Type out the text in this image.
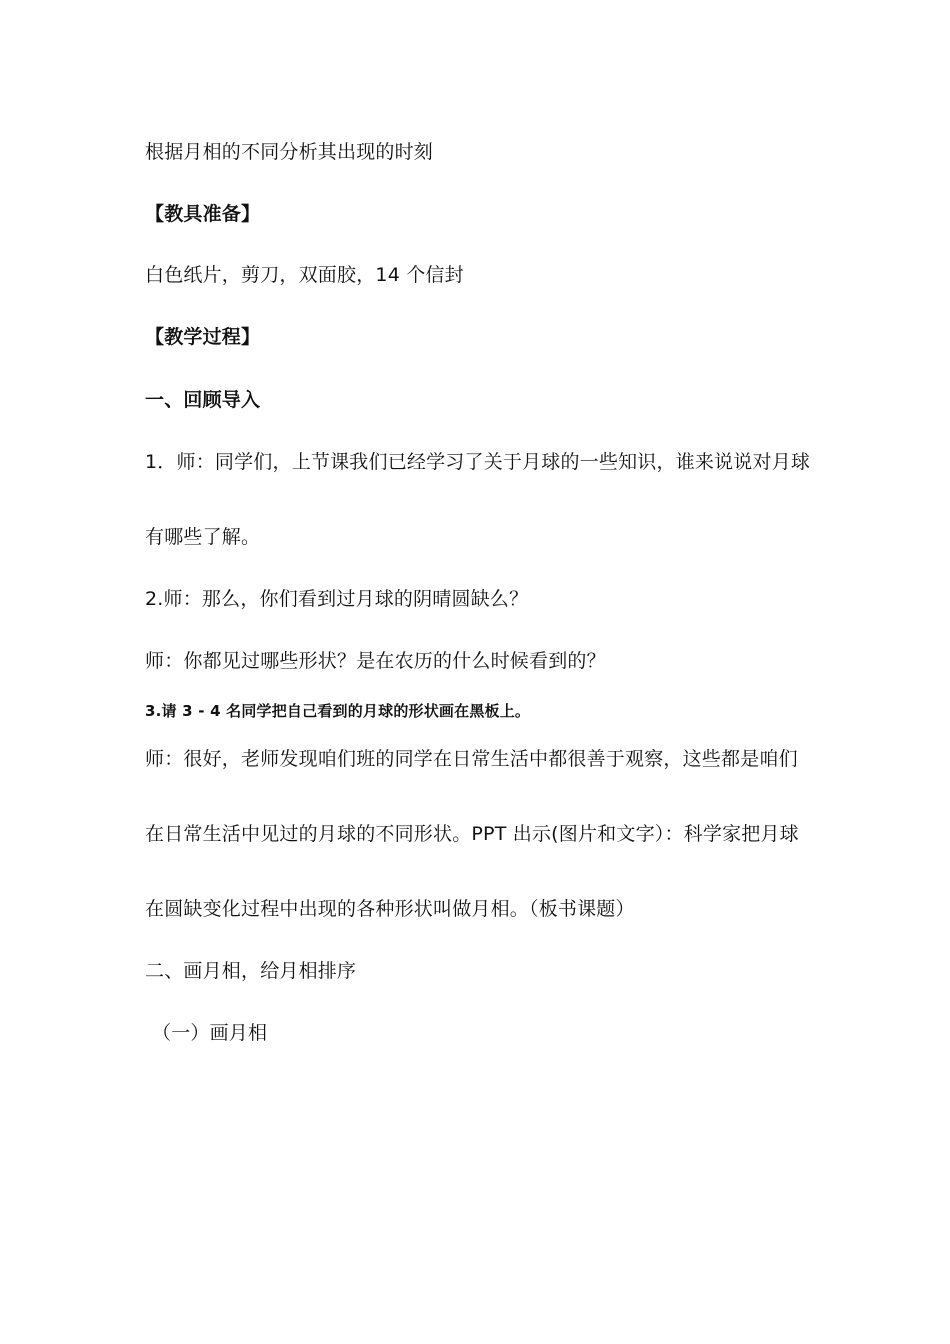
根据月相的不同分析其出现的时刻
【教具准备】
白色纸片，剪刀，双面胶，14 个信封
【教学过程】
一、回顾导入
1．师：同学们，上节课我们已经学习了关于月球的一些知识，谁来说说对月球
有哪些了解。
2.师：那么，你们看到过月球的阴晴圆缺么？
师：你都见过哪些形状？是在农历的什么时候看到的？
3.请 3 - 4 名同学把自己看到的月球的形状画在黑板上。
师：很好，老师发现咱们班的同学在日常生活中都很善于观察，这些都是咱们
在日常生活中见过的月球的不同形状。PPT 出示(图片和文字）：科学家把月球
在圆缺变化过程中出现的各种形状叫做月相。（板书课题）
二、画月相，给月相排序
（一）画月相
